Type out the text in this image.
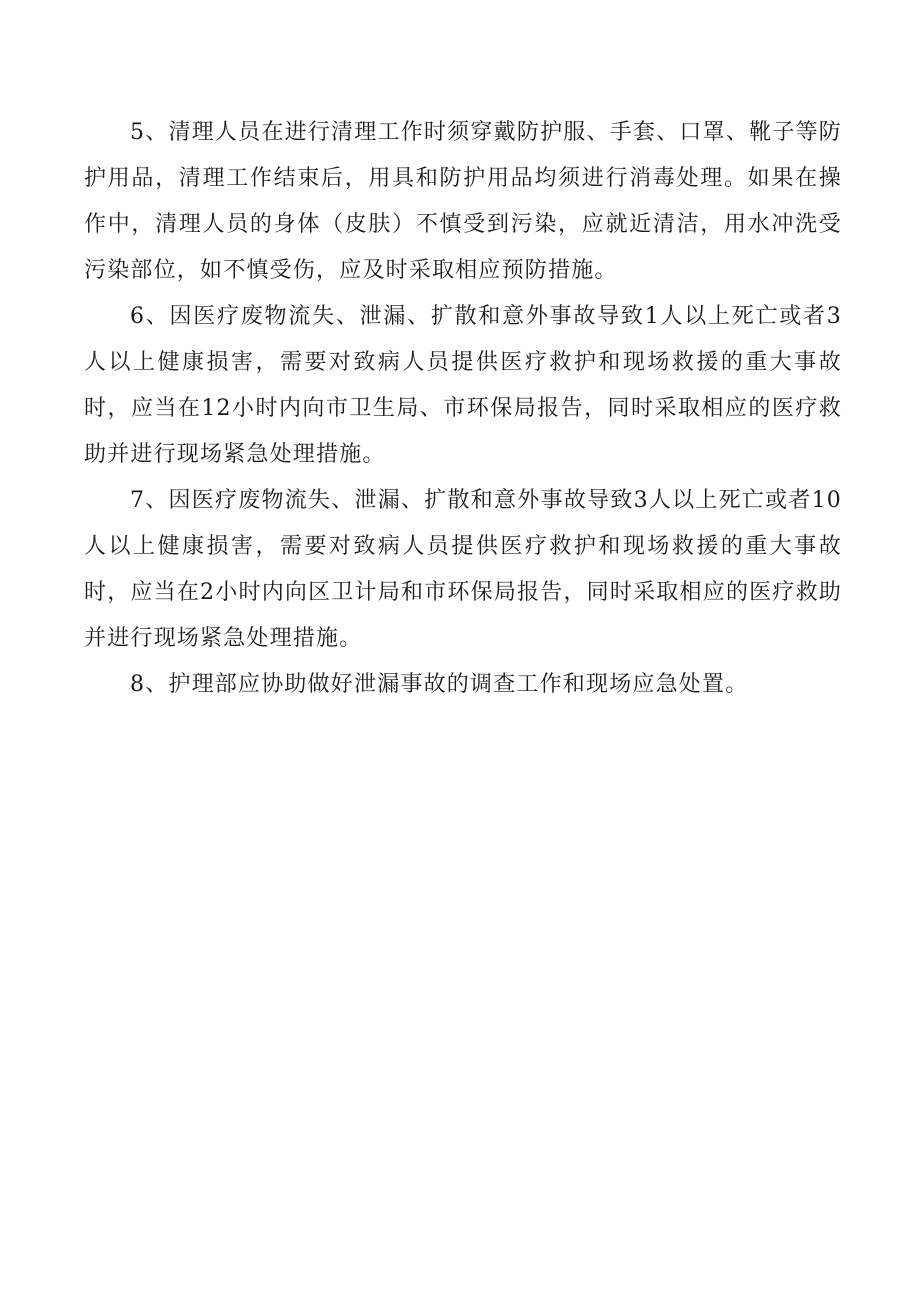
5、清理人员在进行清理工作时须穿戴防护服、手套、口罩、靴子等防护用品，清理工作结束后，用具和防护用品均须进行消毒处理。如果在操作中，清理人员的身体（皮肤）不慎受到污染，应就近清洁，用水冲洗受污染部位，如不慎受伤，应及时采取相应预防措施。

6、因医疗废物流失、泄漏、扩散和意外事故导致1人以上死亡或者3人以上健康损害，需要对致病人员提供医疗救护和现场救援的重大事故时，应当在12小时内向市卫生局、市环保局报告，同时采取相应的医疗救助并进行现场紧急处理措施。

7、因医疗废物流失、泄漏、扩散和意外事故导致3人以上死亡或者10人以上健康损害，需要对致病人员提供医疗救护和现场救援的重大事故时，应当在2小时内向区卫计局和市环保局报告，同时采取相应的医疗救助并进行现场紧急处理措施。

8、护理部应协助做好泄漏事故的调查工作和现场应急处置。
